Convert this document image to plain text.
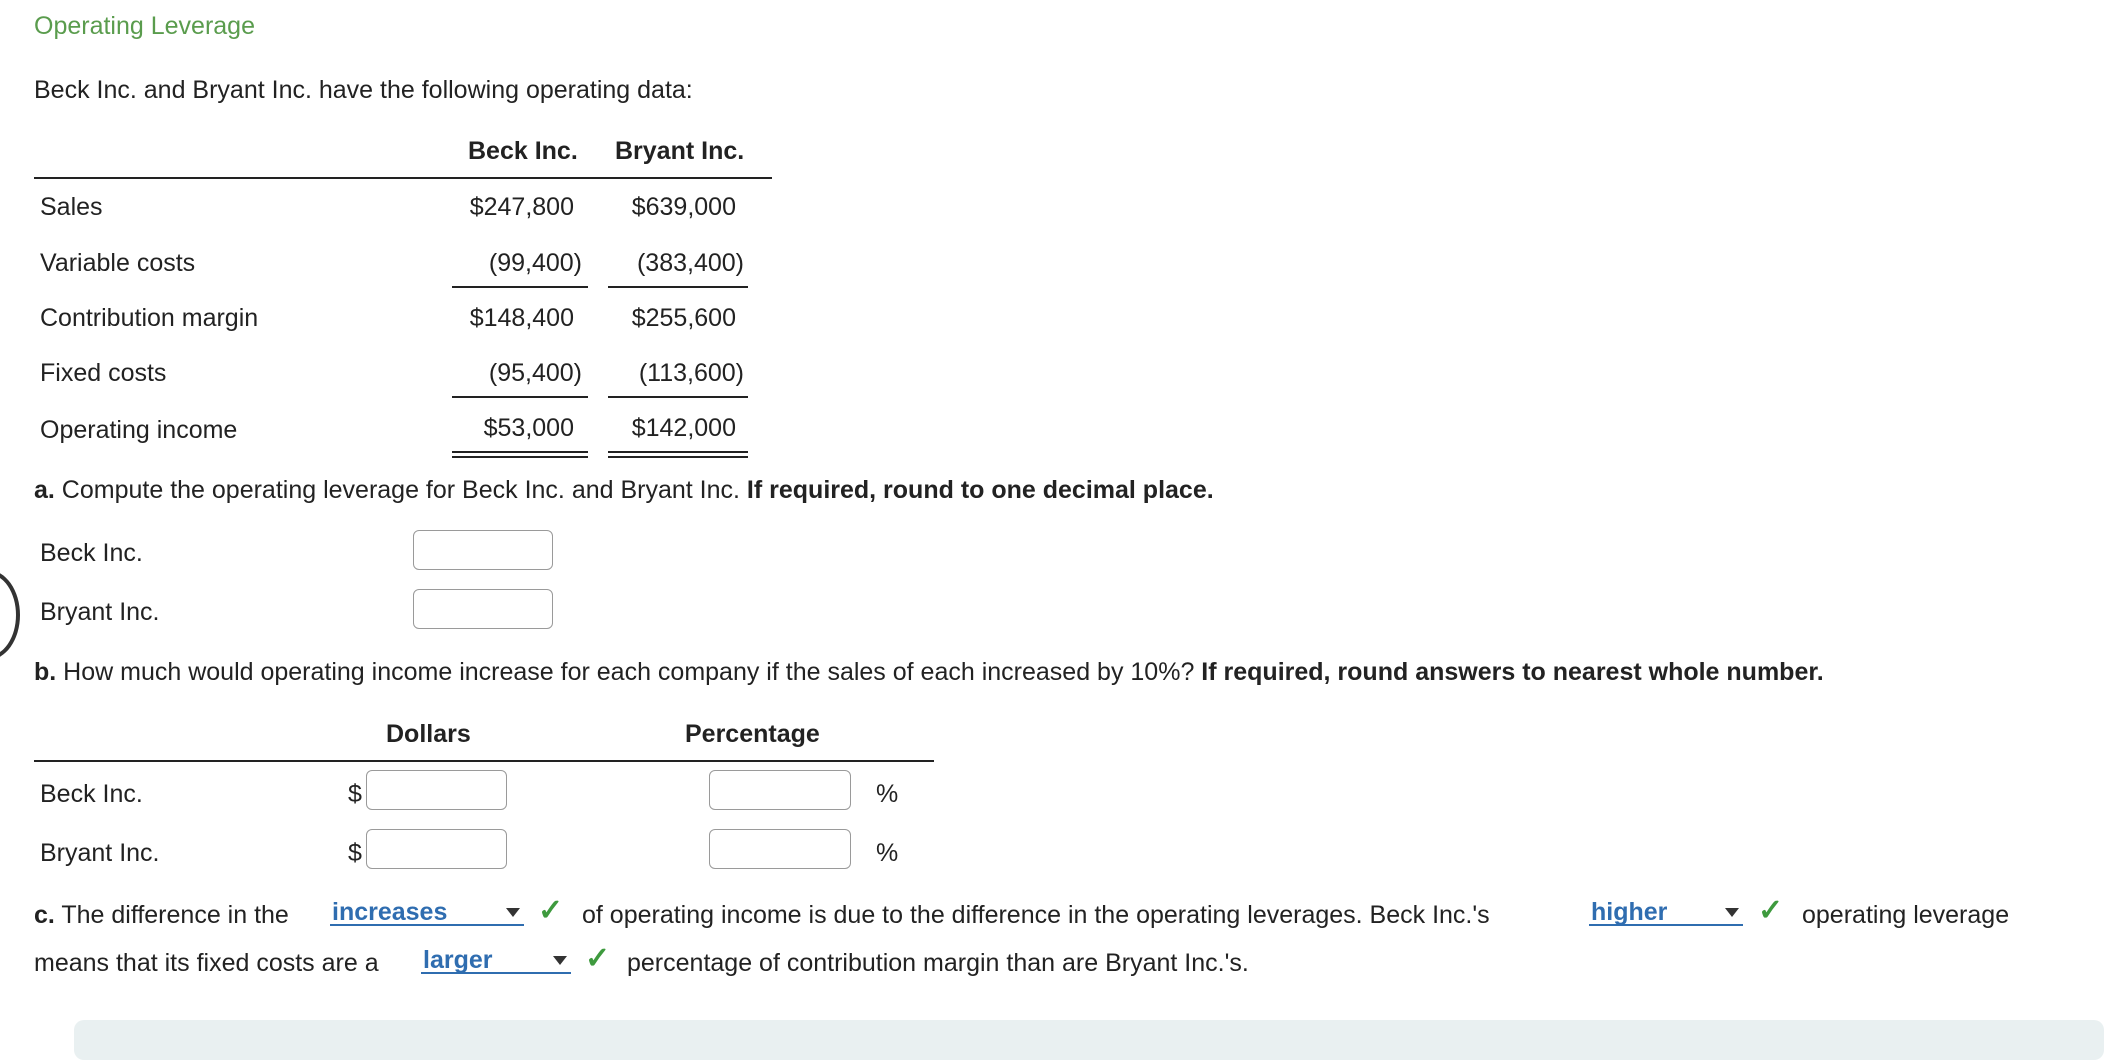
Operating Leverage
Beck Inc. and Bryant Inc. have the following operating data:
Beck Inc. Bryant Inc.
Sales	$247,800	$639,000
Variable costs	(99,400)	(383,400)
Contribution margin	$148,400	$255,600
Fixed costs	(95,400)	(113,600)
Operating income	$53,000	$142,000
a. Compute the operating leverage for Beck Inc. and Bryant Inc. If required, round to one decimal place.
Beck Inc.
Bryant Inc.
b. How much would operating income increase for each company if the sales of each increased by 10%? If required, round answers to nearest whole number.
Dollars	Percentage
Beck Inc.	$	%
Bryant Inc.	$	%
c. The difference in the increases	✓ of operating income is due to the difference in the operating leverages. Beck Inc.'s	higher	✓ operating leverage
means that its fixed costs are a larger	✓ percentage of contribution margin than are Bryant Inc.'s.
